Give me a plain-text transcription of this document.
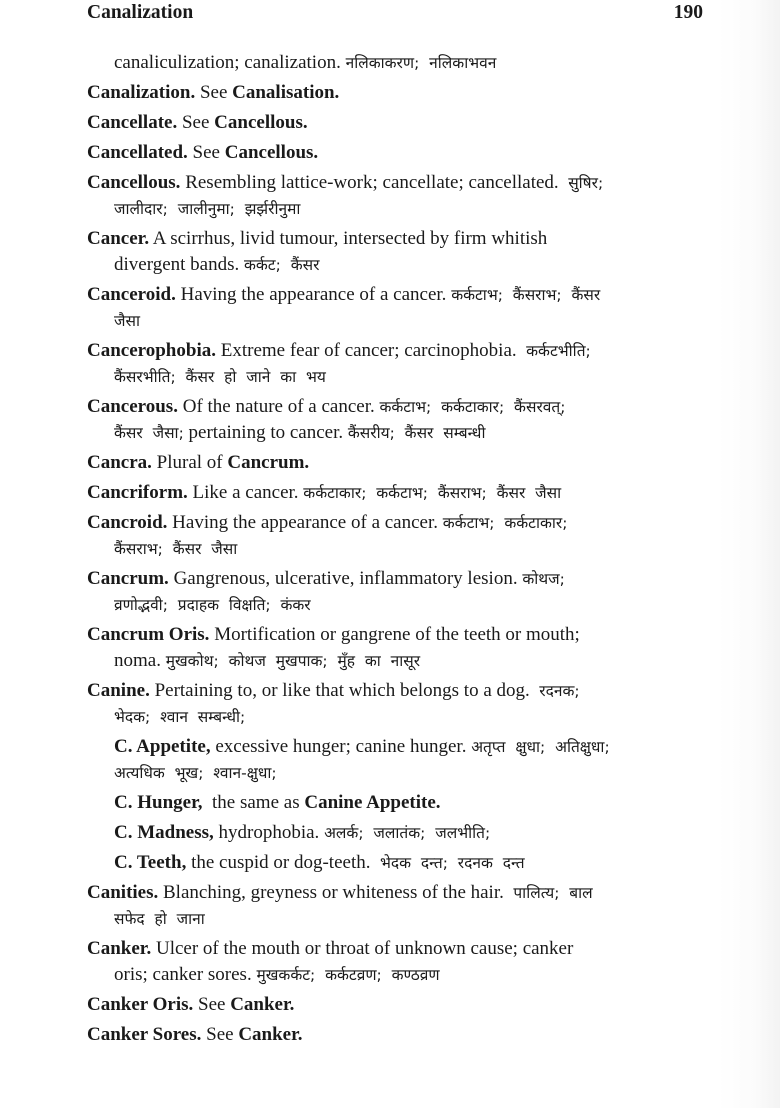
Canalization	190
canaliculization; canalization. नलिकाकरण;  नलिकाभवन
Canalization. See Canalisation.
Cancellate. See Cancellous.
Cancellated. See Cancellous.
Cancellous. Resembling lattice-work; cancellate; cancellated.  सुषिर;
जालीदार;  जालीनुमा;  झर्झरीनुमा
Cancer. A scirrhus, livid tumour, intersected by firm whitish
divergent bands. कर्कट;  कैंसर
Canceroid. Having the appearance of a cancer. कर्कटाभ;  कैंसराभ;  कैंसर
जैसा
Cancerophobia. Extreme fear of cancer; carcinophobia.  कर्कटभीति;
कैंसरभीति;  कैंसर  हो  जाने  का  भय
Cancerous. Of the nature of a cancer. कर्कटाभ;  कर्कटाकार;  कैंसरवत्;
कैंसर  जैसा; pertaining to cancer. कैंसरीय;  कैंसर  सम्बन्धी
Cancra. Plural of Cancrum.
Cancriform. Like a cancer. कर्कटाकार;  कर्कटाभ;  कैंसराभ;  कैंसर  जैसा
Cancroid. Having the appearance of a cancer. कर्कटाभ;  कर्कटाकार;
कैंसराभ;  कैंसर  जैसा
Cancrum. Gangrenous, ulcerative, inflammatory lesion. कोथज;
व्रणोद्भवी;  प्रदाहक  विक्षति;  कंकर
Cancrum Oris. Mortification or gangrene of the teeth or mouth;
noma. मुखकोथ;  कोथज  मुखपाक;  मुँह  का  नासूर
Canine. Pertaining to, or like that which belongs to a dog.  रदनक;
भेदक;  श्वान  सम्बन्धी;
C. Appetite, excessive hunger; canine hunger. अतृप्त  क्षुधा;  अतिक्षुधा;
अत्यधिक  भूख;  श्वान-क्षुधा;
C. Hunger,  the same as Canine Appetite.
C. Madness, hydrophobia. अलर्क;  जलातंक;  जलभीति;
C. Teeth, the cuspid or dog-teeth.  भेदक  दन्त;  रदनक  दन्त
Canities. Blanching, greyness or whiteness of the hair.  पालित्य;  बाल
सफेद  हो  जाना
Canker. Ulcer of the mouth or throat of unknown cause; canker
oris; canker sores. मुखकर्कट;  कर्कटव्रण;  कण्ठव्रण
Canker Oris. See Canker.
Canker Sores. See Canker.
